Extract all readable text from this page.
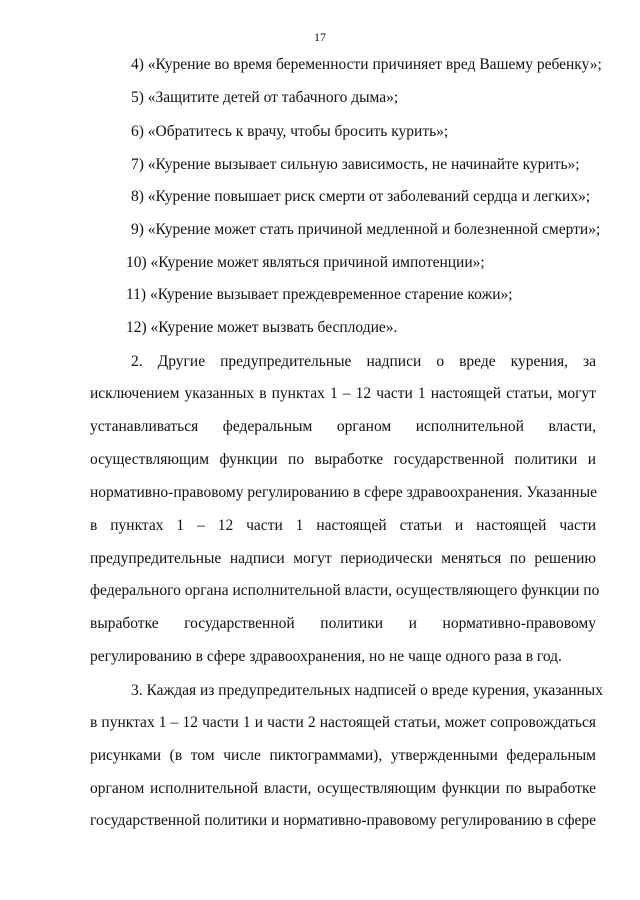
17
4) «Курение во время беременности причиняет вред Вашему ребенку»;
5) «Защитите детей от табачного дыма»;
6) «Обратитесь к врачу, чтобы бросить курить»;
7) «Курение вызывает сильную зависимость, не начинайте курить»;
8) «Курение повышает риск смерти от заболеваний сердца и легких»;
9) «Курение может стать причиной медленной и болезненной смерти»;
10) «Курение может являться причиной импотенции»;
11) «Курение вызывает преждевременное старение кожи»;
12) «Курение может вызвать бесплодие».
2. Другие предупредительные надписи о вреде курения, за
исключением указанных в пунктах 1 – 12 части 1 настоящей статьи, могут
устанавливаться федеральным органом исполнительной власти,
осуществляющим функции по выработке государственной политики и
нормативно-правовому регулированию в сфере здравоохранения. Указанные
в пунктах 1 – 12 части 1 настоящей статьи и настоящей части
предупредительные надписи могут периодически меняться по решению
федерального органа исполнительной власти, осуществляющего функции по
выработке государственной политики и нормативно-правовому
регулированию в сфере здравоохранения, но не чаще одного раза в год.
3. Каждая из предупредительных надписей о вреде курения, указанных
в пунктах 1 – 12 части 1 и части 2 настоящей статьи, может сопровождаться
рисунками (в том числе пиктограммами), утвержденными федеральным
органом исполнительной власти, осуществляющим функции по выработке
государственной политики и нормативно-правовому регулированию в сфере
